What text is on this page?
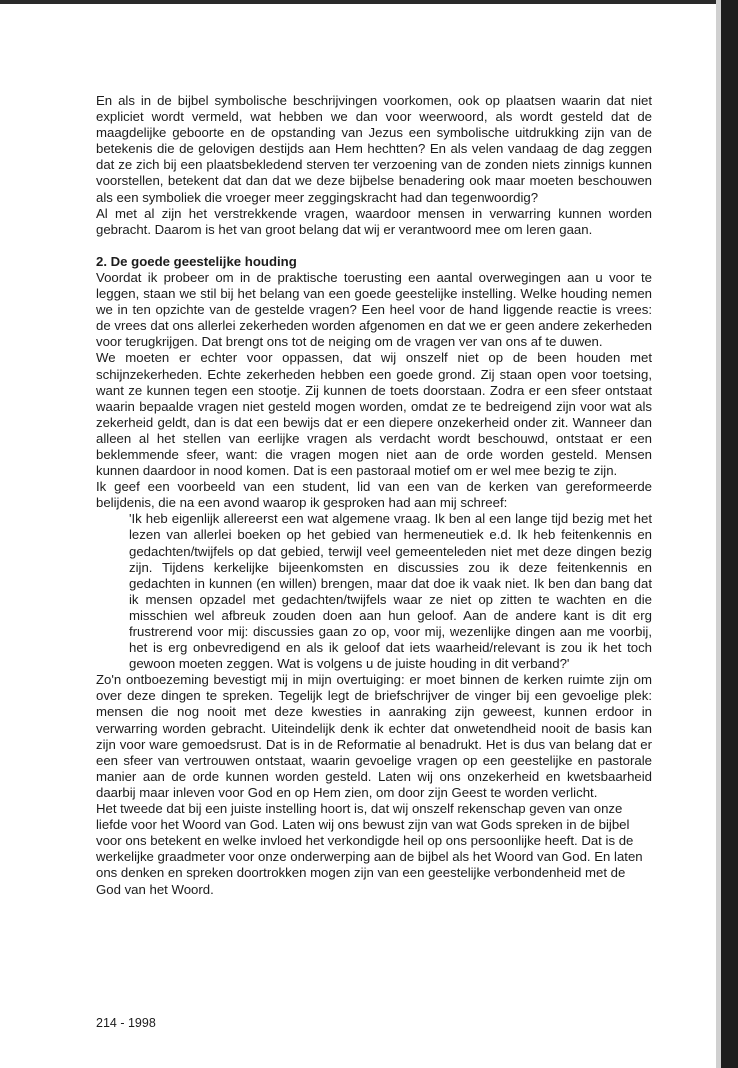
En als in de bijbel symbolische beschrijvingen voorkomen, ook op plaatsen waarin dat niet expliciet wordt vermeld, wat hebben we dan voor weerwoord, als wordt gesteld dat de maagdelijke geboorte en de opstanding van Jezus een symbolische uitdrukking zijn van de betekenis die de gelovigen destijds aan Hem hechtten? En als velen vandaag de dag zeggen dat ze zich bij een plaatsbekledend sterven ter verzoening van de zonden niets zinnigs kunnen voorstellen, betekent dat dan dat we deze bijbelse benadering ook maar moeten beschouwen als een symboliek die vroeger meer zeggingskracht had dan tegenwoordig?

Al met al zijn het verstrekkende vragen, waardoor mensen in verwarring kunnen worden gebracht. Daarom is het van groot belang dat wij er verantwoord mee om leren gaan.

2. De goede geestelijke houding

Voordat ik probeer om in de praktische toerusting een aantal overwegingen aan u voor te leggen, staan we stil bij het belang van een goede geestelijke instelling. Welke houding nemen we in ten opzichte van de gestelde vragen? Een heel voor de hand liggende reactie is vrees: de vrees dat ons allerlei zekerheden worden afgenomen en dat we er geen andere zekerheden voor terugkrijgen. Dat brengt ons tot de neiging om de vragen ver van ons af te duwen.

We moeten er echter voor oppassen, dat wij onszelf niet op de been houden met schijnzekerheden. Echte zekerheden hebben een goede grond. Zij staan open voor toetsing, want ze kunnen tegen een stootje. Zij kunnen de toets doorstaan. Zodra er een sfeer ontstaat waarin bepaalde vragen niet gesteld mogen worden, omdat ze te bedreigend zijn voor wat als zekerheid geldt, dan is dat een bewijs dat er een diepere onzekerheid onder zit. Wanneer dan alleen al het stellen van eerlijke vragen als verdacht wordt beschouwd, ontstaat er een beklemmende sfeer, want: die vragen mogen niet aan de orde worden gesteld. Mensen kunnen daardoor in nood komen. Dat is een pastoraal motief om er wel mee bezig te zijn.

Ik geef een voorbeeld van een student, lid van een van de kerken van gereformeerde belijdenis, die na een avond waarop ik gesproken had aan mij schreef:

'Ik heb eigenlijk allereerst een wat algemene vraag. Ik ben al een lange tijd bezig met het lezen van allerlei boeken op het gebied van hermeneutiek e.d. Ik heb feitenkennis en gedachten/twijfels op dat gebied, terwijl veel gemeenteleden niet met deze dingen bezig zijn. Tijdens kerkelijke bijeenkomsten en discussies zou ik deze feitenkennis en gedachten in kunnen (en willen) brengen, maar dat doe ik vaak niet. Ik ben dan bang dat ik mensen opzadel met gedachten/twijfels waar ze niet op zitten te wachten en die misschien wel afbreuk zouden doen aan hun geloof. Aan de andere kant is dit erg frustrerend voor mij: discussies gaan zo op, voor mij, wezenlijke dingen aan me voorbij, het is erg onbevredigend en als ik geloof dat iets waarheid/relevant is zou ik het toch gewoon moeten zeggen. Wat is volgens u de juiste houding in dit verband?'

Zo'n ontboezeming bevestigt mij in mijn overtuiging: er moet binnen de kerken ruimte zijn om over deze dingen te spreken. Tegelijk legt de briefschrijver de vinger bij een gevoelige plek: mensen die nog nooit met deze kwesties in aanraking zijn geweest, kunnen erdoor in verwarring worden gebracht. Uiteindelijk denk ik echter dat onwetendheid nooit de basis kan zijn voor ware gemoedsrust. Dat is in de Reformatie al benadrukt. Het is dus van belang dat er een sfeer van vertrouwen ontstaat, waarin gevoelige vragen op een geestelijke en pastorale manier aan de orde kunnen worden gesteld. Laten wij ons onzekerheid en kwetsbaarheid daarbij maar inleven voor God en op Hem zien, om door zijn Geest te worden verlicht.

Het tweede dat bij een juiste instelling hoort is, dat wij onszelf rekenschap geven van onze liefde voor het Woord van God. Laten wij ons bewust zijn van wat Gods spreken in de bijbel voor ons betekent en welke invloed het verkondigde heil op ons persoonlijke heeft. Dat is de werkelijke graadmeter voor onze onderwerping aan de bijbel als het Woord van God. En laten ons denken en spreken doortrokken mogen zijn van een geestelijke verbondenheid met de God van het Woord.

214 - 1998
